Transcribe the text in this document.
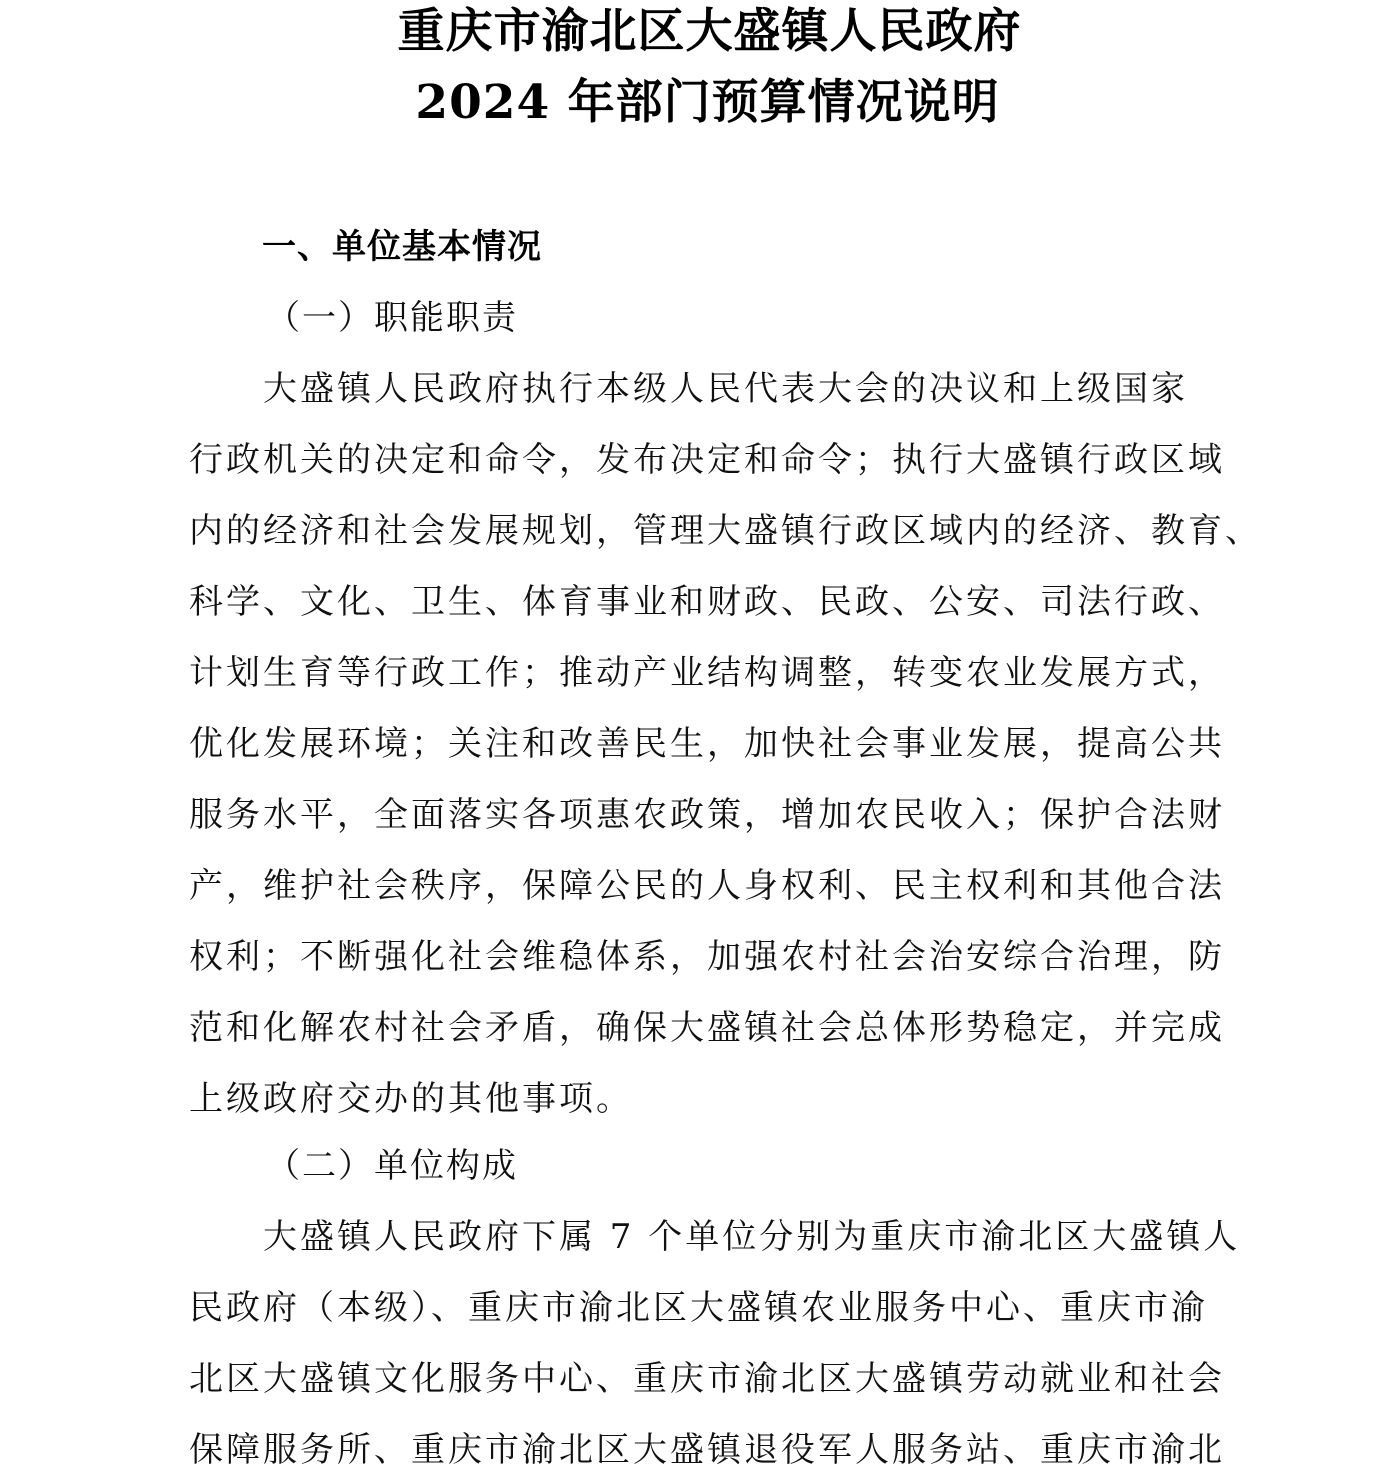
重庆市渝北区大盛镇人民政府
2024 年部门预算情况说明
一、单位基本情况
（一）职能职责
　　大盛镇人民政府执行本级人民代表大会的决议和上级国家
行政机关的决定和命令，发布决定和命令；执行大盛镇行政区域
内的经济和社会发展规划，管理大盛镇行政区域内的经济、教育、
科学、文化、卫生、体育事业和财政、民政、公安、司法行政、
计划生育等行政工作；推动产业结构调整，转变农业发展方式，
优化发展环境；关注和改善民生，加快社会事业发展，提高公共
服务水平，全面落实各项惠农政策，增加农民收入；保护合法财
产，维护社会秩序，保障公民的人身权利、民主权利和其他合法
权利；不断强化社会维稳体系，加强农村社会治安综合治理，防
范和化解农村社会矛盾，确保大盛镇社会总体形势稳定，并完成
上级政府交办的其他事项。
（二）单位构成
　　大盛镇人民政府下属 7 个单位分别为重庆市渝北区大盛镇人
民政府（本级）、重庆市渝北区大盛镇农业服务中心、重庆市渝
北区大盛镇文化服务中心、重庆市渝北区大盛镇劳动就业和社会
保障服务所、重庆市渝北区大盛镇退役军人服务站、重庆市渝北
